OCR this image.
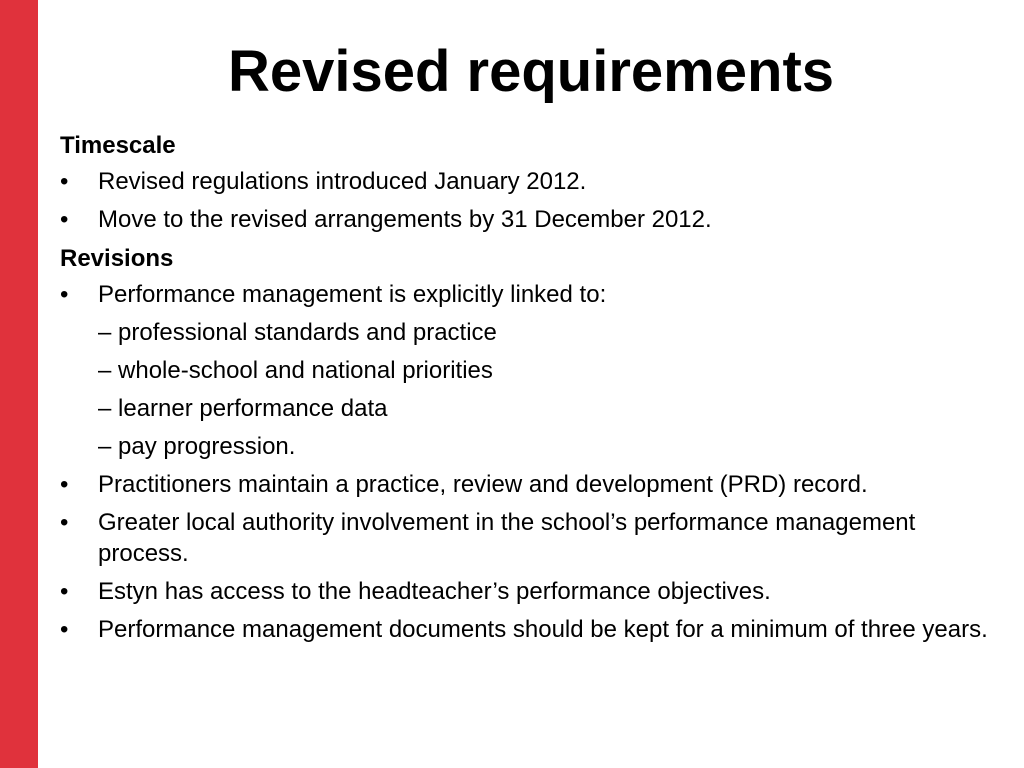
Revised requirements
Timescale
• Revised regulations introduced January 2012.
• Move to the revised arrangements by 31 December 2012.
Revisions
• Performance management is explicitly linked to:
– professional standards and practice
– whole-school and national priorities
– learner performance data
– pay progression.
• Practitioners maintain a practice, review and development (PRD) record.
• Greater local authority involvement in the school’s performance management process.
• Estyn has access to the headteacher’s performance objectives.
• Performance management documents should be kept for a minimum of three years.
